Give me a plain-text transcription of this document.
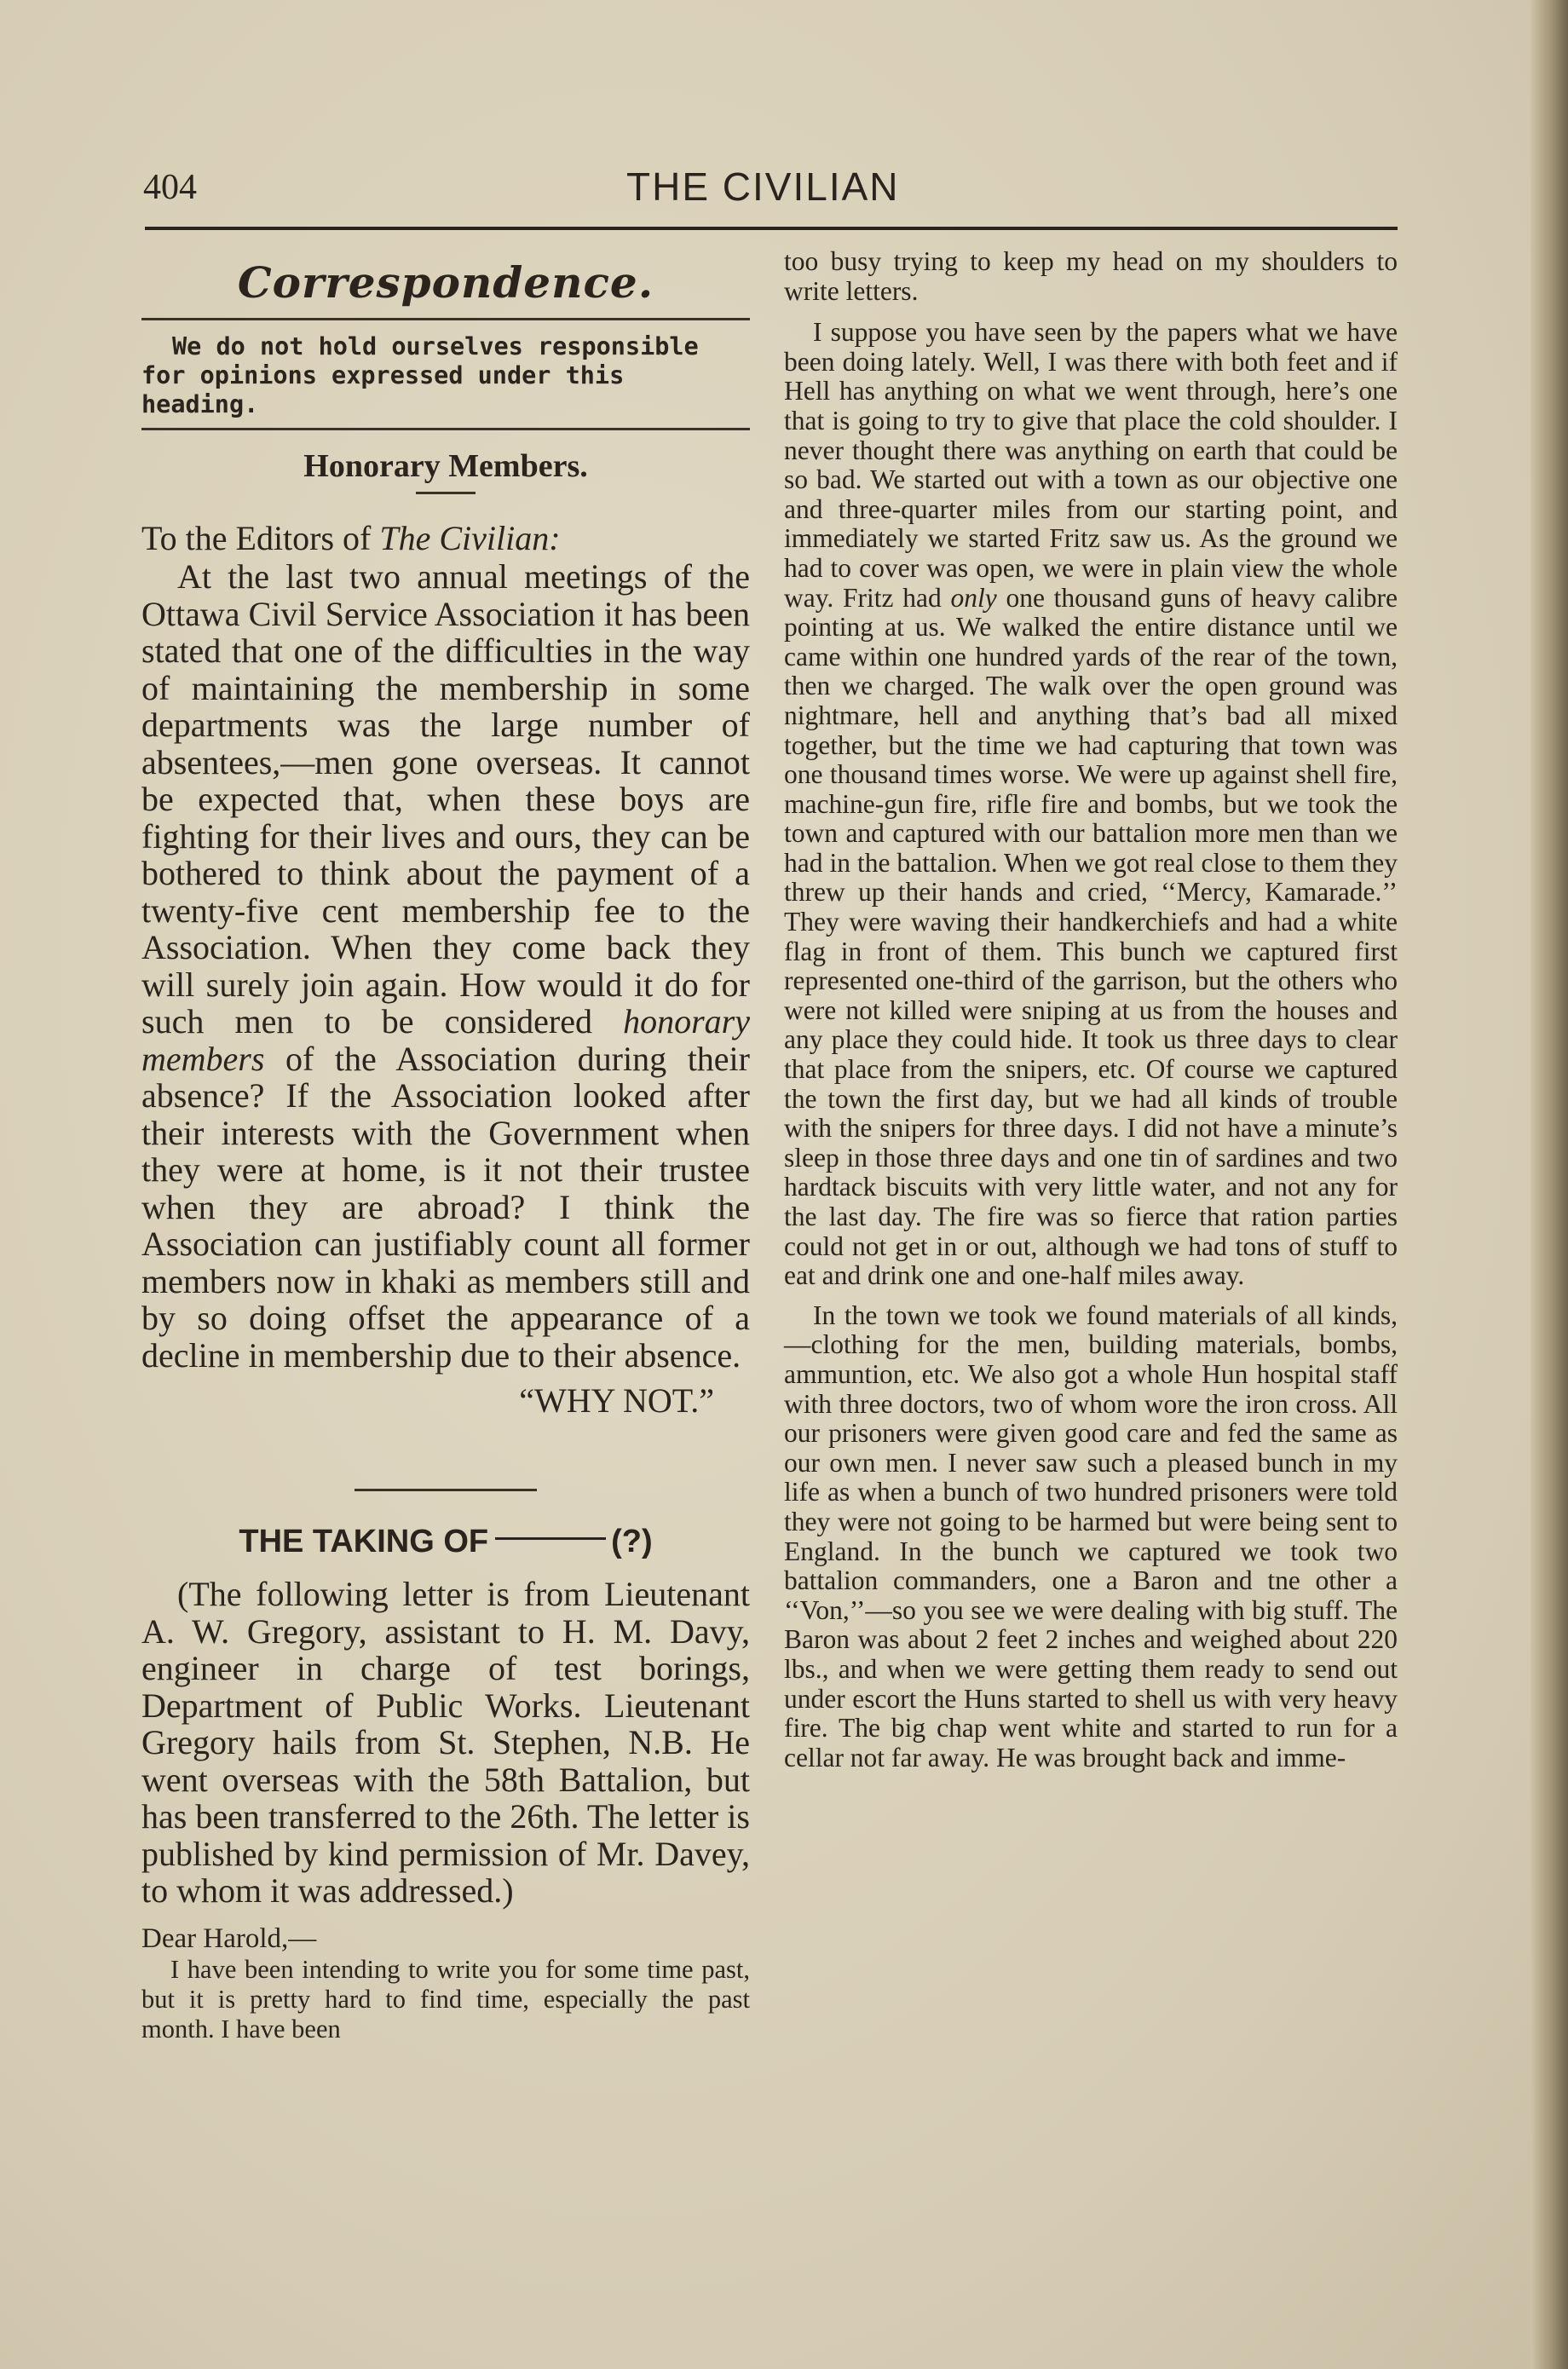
404	THE CIVILIAN
Correspondence.
We do not hold ourselves responsible for opinions expressed under this heading.
Honorary Members.
To the Editors of The Civilian:

At the last two annual meetings of the Ottawa Civil Service Association it has been stated that one of the difficulties in the way of maintaining the membership in some departments was the large number of absentees,—men gone overseas. It cannot be expected that, when these boys are fighting for their lives and ours, they can be bothered to think about the payment of a twenty-five cent membership fee to the Association. When they come back they will surely join again. How would it do for such men to be considered honorary members of the Association during their absence? If the Association looked after their interests with the Government when they were at home, is it not their trustee when they are abroad? I think the Association can justifiably count all former members now in khaki as members still and by so doing offset the appearance of a decline in membership due to their absence.

“WHY NOT.”
THE TAKING OF	(?)

(The following letter is from Lieutenant A. W. Gregory, assistant to H. M. Davy, engineer in charge of test borings, Department of Public Works. Lieutenant Gregory hails from St. Stephen, N.B. He went overseas with the 58th Battalion, but has been transferred to the 26th. The letter is published by kind permission of Mr. Davey, to whom it was addressed.)

Dear Harold,—

I have been intending to write you for some time past, but it is pretty hard to find time, especially the past month. I have been

too busy trying to keep my head on my shoulders to write letters.

I suppose you have seen by the papers what we have been doing lately. Well, I was there with both feet and if Hell has anything on what we went through, here’s one that is going to try to give that place the cold shoulder. I never thought there was anything on earth that could be so bad. We started out with a town as our objective one and three-quarter miles from our starting point, and immediately we started Fritz saw us. As the ground we had to cover was open, we were in plain view the whole way. Fritz had only one thousand guns of heavy calibre pointing at us. We walked the entire distance until we came within one hundred yards of the rear of the town, then we charged. The walk over the open ground was nightmare, hell and anything that’s bad all mixed together, but the time we had capturing that town was one thousand times worse. We were up against shell fire, machine-gun fire, rifle fire and bombs, but we took the town and captured with our battalion more men than we had in the battalion. When we got real close to them they threw up their hands and cried, ‘‘Mercy, Kamarade.’’ They were waving their handkerchiefs and had a white flag in front of them. This bunch we captured first represented one-third of the garrison, but the others who were not killed were sniping at us from the houses and any place they could hide. It took us three days to clear that place from the snipers, etc. Of course we captured the town the first day, but we had all kinds of trouble with the snipers for three days. I did not have a minute’s sleep in those three days and one tin of sardines and two hardtack biscuits with very little water, and not any for the last day. The fire was so fierce that ration parties could not get in or out, although we had tons of stuff to eat and drink one and one-half miles away.

In the town we took we found materials of all kinds,—clothing for the men, building materials, bombs, ammuntion, etc. We also got a whole Hun hospital staff with three doctors, two of whom wore the iron cross. All our prisoners were given good care and fed the same as our own men. I never saw such a pleased bunch in my life as when a bunch of two hundred prisoners were told they were not going to be harmed but were being sent to England. In the bunch we captured we took two battalion commanders, one a Baron and tne other a ‘‘Von,’’—so you see we were dealing with big stuff. The Baron was about 2 feet 2 inches and weighed about 220 lbs., and when we were getting them ready to send out under escort the Huns started to shell us with very heavy fire. The big chap went white and started to run for a cellar not far away. He was brought back and imme-
